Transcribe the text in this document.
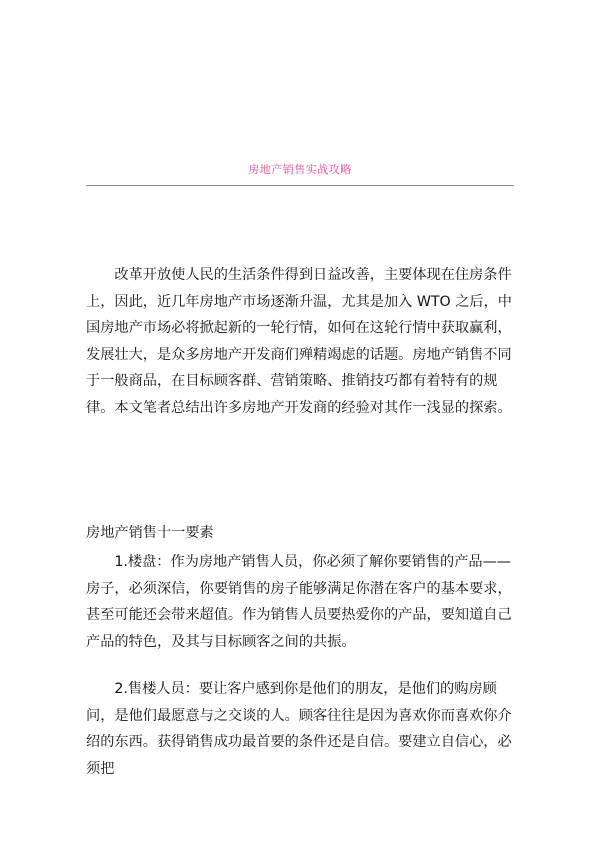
房地产销售实战攻略

改革开放使人民的生活条件得到日益改善，主要体现在住房条件上，因此，近几年房地产市场逐渐升温，尤其是加入 WTO 之后，中国房地产市场必将掀起新的一轮行情，如何在这轮行情中获取赢利，发展壮大，是众多房地产开发商们殚精竭虑的话题。房地产销售不同于一般商品，在目标顾客群、营销策略、推销技巧都有着特有的规律。本文笔者总结出许多房地产开发商的经验对其作一浅显的探索。

房地产销售十一要素

1.楼盘：作为房地产销售人员，你必须了解你要销售的产品——房子，必须深信，你要销售的房子能够满足你潜在客户的基本要求，甚至可能还会带来超值。作为销售人员要热爱你的产品，要知道自己产品的特色，及其与目标顾客之间的共振。

2.售楼人员：要让客户感到你是他们的朋友，是他们的购房顾问，是他们最愿意与之交谈的人。顾客往往是因为喜欢你而喜欢你介绍的东西。获得销售成功最首要的条件还是自信。要建立自信心，必须把
